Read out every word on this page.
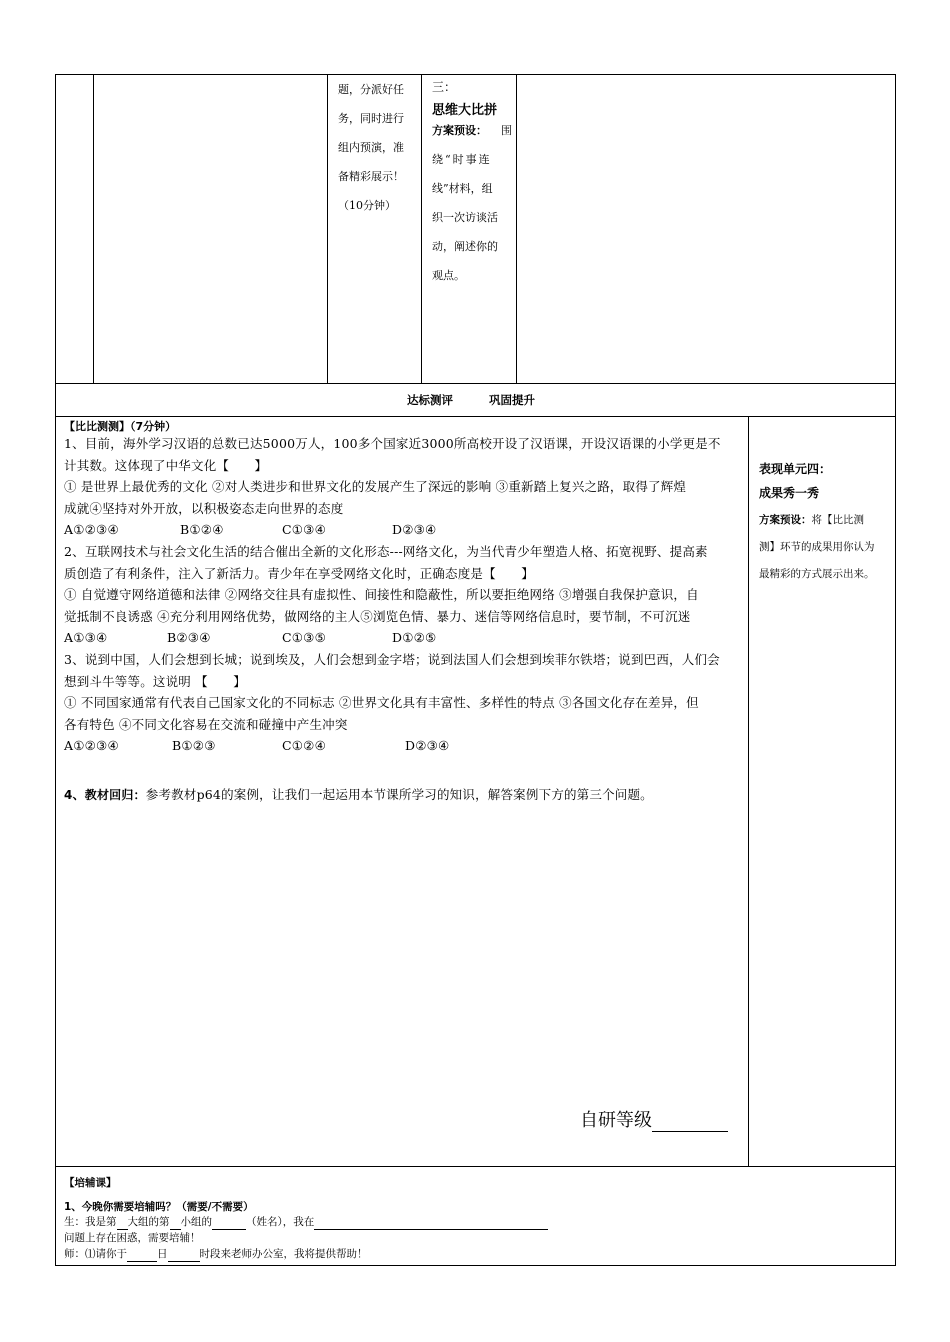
题，分派好任
务，同时进行
组内预演，准
备精彩展示！
（10分钟）
三：
思维大比拼
方案预设： 围
绕“时事连
线”材料，组
织一次访谈活
动，阐述你的
观点。
达标测评	巩固提升
【比比测测】（7分钟）
1、目前，海外学习汉语的总数已达5000万人，100多个国家近3000所高校开设了汉语课，开设汉语课的小学更是不
计其数。这体现了中华文化【　　】
① 是世界上最优秀的文化 ②对人类进步和世界文化的发展产生了深远的影响 ③重新踏上复兴之路，取得了辉煌
成就④坚持对外开放，以积极姿态走向世界的态度
A①②③④	B①②④	C①③④	D②③④
2、互联网技术与社会文化生活的结合催出全新的文化形态---网络文化，为当代青少年塑造人格、拓宽视野、提高素
质创造了有利条件，注入了新活力。青少年在享受网络文化时，正确态度是【　　】
① 自觉遵守网络道德和法律 ②网络交往具有虚拟性、间接性和隐蔽性，所以要拒绝网络 ③增强自我保护意识，自
觉抵制不良诱惑 ④充分利用网络优势，做网络的主人⑤浏览色情、暴力、迷信等网络信息时，要节制，不可沉迷
A①③④	B②③④	C①③⑤	D①②⑤
3、说到中国，人们会想到长城；说到埃及，人们会想到金字塔；说到法国人们会想到埃菲尔铁塔；说到巴西，人们会
想到斗牛等等。这说明 【　　】
① 不同国家通常有代表自己国家文化的不同标志 ②世界文化具有丰富性、多样性的特点 ③各国文化存在差异，但
各有特色 ④不同文化容易在交流和碰撞中产生冲突
A①②③④	B①②③	C①②④	D②③④
4、教材回归：参考教材p64的案例，让我们一起运用本节课所学习的知识，解答案例下方的第三个问题。
自研等级
表现单元四：
成果秀一秀
方案预设：将【比比测
测】环节的成果用你认为
最精彩的方式展示出来。
【培辅课】
1、今晚你需要培辅吗？（需要/不需要）
生：我是第 大组的第 小组的	（姓名），我在
问题上存在困惑，需要培辅！
师：⑴请你于	日	时段来老师办公室，我将提供帮助！
